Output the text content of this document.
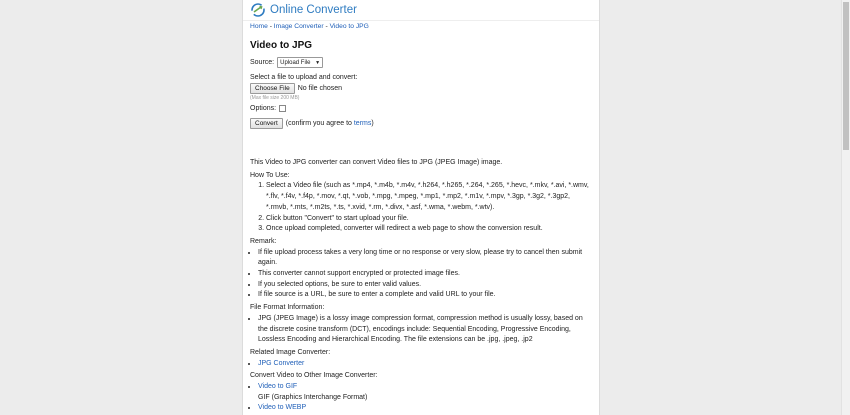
Online Converter
Home - Image Converter - Video to JPG
Video to JPG
Source: Upload File ▼
Select a file to upload and convert:
Choose File	No file chosen
(Max file size 200 MB)
Options:
Convert	(confirm you agree to terms)
This Video to JPG converter can convert Video files to JPG (JPEG Image) image.
How To Use:
1. Select a Video file (such as *.mp4, *.m4b, *.m4v, *.h264, *.h265, *.264, *.265, *.hevc, *.mkv, *.avi, *.wmv, *.flv, *.f4v, *.f4p, *.mov, *.qt, *.vob, *.mpg, *.mpeg, *.mp1, *.mp2, *.m1v, *.mpv, *.3gp, *.3g2, *.3gp2, *.rmvb, *.mts, *.m2ts, *.ts, *.xvid, *.rm, *.divx, *.asf, *.wma, *.webm, *.wtv).
2. Click button "Convert" to start upload your file.
3. Once upload completed, converter will redirect a web page to show the conversion result.
Remark:
• If file upload process takes a very long time or no response or very slow, please try to cancel then submit again.
• This converter cannot support encrypted or protected image files.
• If you selected options, be sure to enter valid values.
• If file source is a URL, be sure to enter a complete and valid URL to your file.
File Format Information:
• JPG (JPEG Image) is a lossy image compression format, compression method is usually lossy, based on the discrete cosine transform (DCT), encodings include: Sequential Encoding, Progressive Encoding, Lossless Encoding and Hierarchical Encoding. The file extensions can be .jpg, .jpeg, .jp2
Related Image Converter:
• JPG Converter
Convert Video to Other Image Converter:
• Video to GIF
GIF (Graphics Interchange Format)
• Video to WEBP
